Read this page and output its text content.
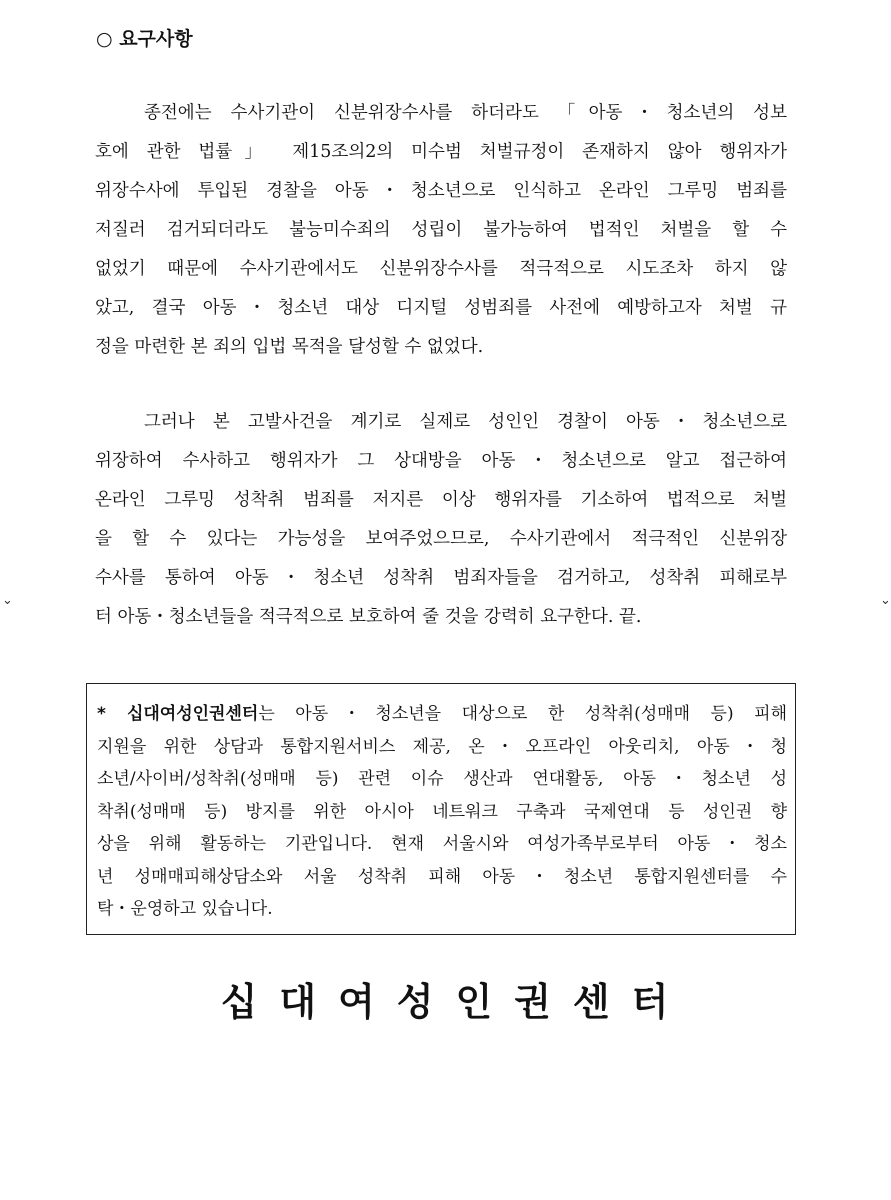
○ 요구사항
종전에는 수사기관이 신분위장수사를 하더라도 「아동・청소년의 성보
호에 관한 법률」 제15조의2의 미수범 처벌규정이 존재하지 않아 행위자가
위장수사에 투입된 경찰을 아동・청소년으로 인식하고 온라인 그루밍 범죄를
저질러 검거되더라도 불능미수죄의 성립이 불가능하여 법적인 처벌을 할 수
없었기 때문에 수사기관에서도 신분위장수사를 적극적으로 시도조차 하지 않
았고, 결국 아동・청소년 대상 디지털 성범죄를 사전에 예방하고자 처벌 규
정을 마련한 본 죄의 입법 목적을 달성할 수 없었다.
그러나 본 고발사건을 계기로 실제로 성인인 경찰이 아동・청소년으로
위장하여 수사하고 행위자가 그 상대방을 아동・청소년으로 알고 접근하여
온라인 그루밍 성착취 범죄를 저지른 이상 행위자를 기소하여 법적으로 처벌
을 할 수 있다는 가능성을 보여주었으므로, 수사기관에서 적극적인 신분위장
수사를 통하여 아동・청소년 성착취 범죄자들을 검거하고, 성착취 피해로부
터 아동・청소년들을 적극적으로 보호하여 줄 것을 강력히 요구한다. 끝.
⌄	⌄
* 십대여성인권센터는 아동・청소년을 대상으로 한 성착취(성매매 등) 피해
지원을 위한 상담과 통합지원서비스 제공, 온・오프라인 아웃리치, 아동・청
소년/사이버/성착취(성매매 등) 관련 이슈 생산과 연대활동, 아동・청소년 성
착취(성매매 등) 방지를 위한 아시아 네트워크 구축과 국제연대 등 성인권 향
상을 위해 활동하는 기관입니다. 현재 서울시와 여성가족부로부터 아동・청소
년 성매매피해상담소와 서울 성착취 피해 아동・청소년 통합지원센터를 수
탁・운영하고 있습니다.
십대여성인권센터
